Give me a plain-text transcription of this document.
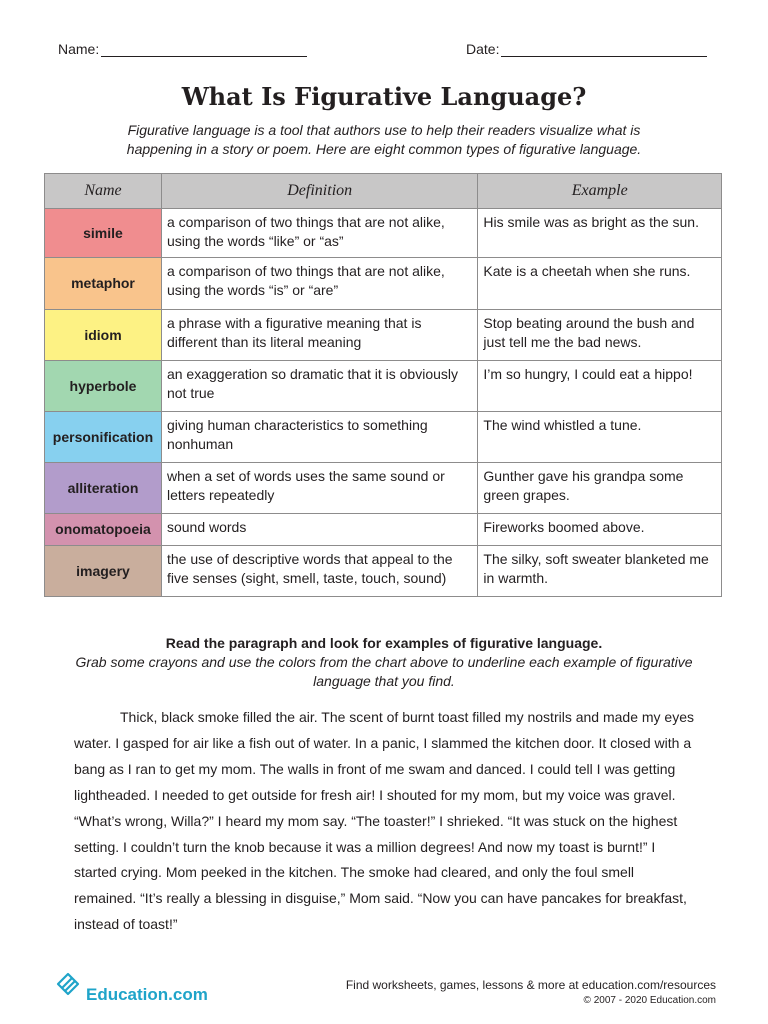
Name:	Date:
What Is Figurative Language?
Figurative language is a tool that authors use to help their readers visualize what is
happening in a story or poem. Here are eight common types of figurative language.
Name	Definition	Example
simile	a comparison of two things that are not alike, using the words “like” or “as”	His smile was as bright as the sun.
metaphor	a comparison of two things that are not alike, using the words “is” or “are”	Kate is a cheetah when she runs.
idiom	a phrase with a figurative meaning that is different than its literal meaning	Stop beating around the bush and just tell me the bad news.
hyperbole	an exaggeration so dramatic that it is obviously not true	I’m so hungry, I could eat a hippo!
personification	giving human characteristics to something nonhuman	The wind whistled a tune.
alliteration	when a set of words uses the same sound or letters repeatedly	Gunther gave his grandpa some green grapes.
onomatopoeia	sound words	Fireworks boomed above.
imagery	the use of descriptive words that appeal to the five senses (sight, smell, taste, touch, sound)	The silky, soft sweater blanketed me in warmth.
Read the paragraph and look for examples of figurative language.
Grab some crayons and use the colors from the chart above to underline each example of figurative language that you find.

Thick, black smoke filled the air. The scent of burnt toast filled my nostrils and made my eyes water. I gasped for air like a fish out of water. In a panic, I slammed the kitchen door. It closed with a bang as I ran to get my mom. The walls in front of me swam and danced. I could tell I was getting lightheaded. I needed to get outside for fresh air! I shouted for my mom, but my voice was gravel. “What’s wrong, Willa?” I heard my mom say. “The toaster!” I shrieked. “It was stuck on the highest setting. I couldn’t turn the knob because it was a million degrees! And now my toast is burnt!” I started crying. Mom peeked in the kitchen. The smoke had cleared, and only the foul smell remained. “It’s really a blessing in disguise,” Mom said. “Now you can have pancakes for breakfast, instead of toast!”

Education.com	Find worksheets, games, lessons & more at education.com/resources
© 2007 - 2020 Education.com
